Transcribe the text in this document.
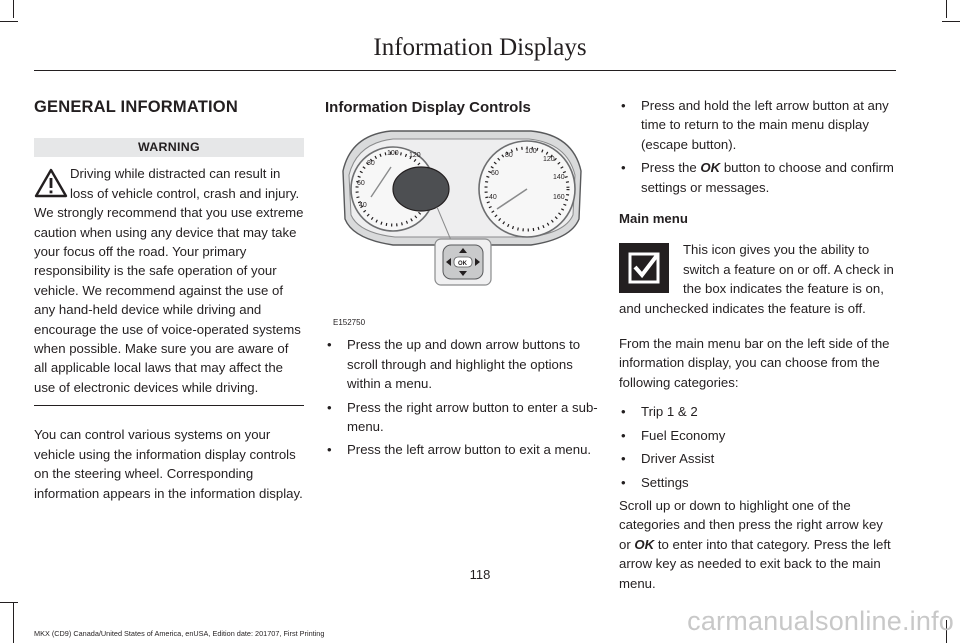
Information Displays
GENERAL INFORMATION
WARNING
Driving while distracted can result in loss of vehicle control, crash and injury. We strongly recommend that you use extreme caution when using any device that may take your focus off the road. Your primary responsibility is the safe operation of your vehicle. We recommend against the use of any hand-held device while driving and encourage the use of voice-operated systems when possible. Make sure you are aware of all applicable local laws that may affect the use of electronic devices while driving.

You can control various systems on your vehicle using the information display controls on the steering wheel. Corresponding information appears in the information display.

Information Display Controls
40
60
80
100 120
40
60
80
100
120
140
160
OK
E152750
• Press the up and down arrow buttons to scroll through and highlight the options within a menu.
• Press the right arrow button to enter a sub-menu.
• Press the left arrow button to exit a menu.
• Press and hold the left arrow button at any time to return to the main menu display (escape button).
• Press the OK button to choose and confirm settings or messages.
Main menu

This icon gives you the ability to switch a feature on or off. A check in the box indicates the feature is on, and unchecked indicates the feature is off.

From the main menu bar on the left side of the information display, you can choose from the following categories:

• Trip 1 & 2
• Fuel Economy
• Driver Assist
• Settings

Scroll up or down to highlight one of the categories and then press the right arrow key or OK to enter into that category. Press the left arrow key as needed to exit back to the main menu.

118
MKX (CD9) Canada/United States of America, enUSA, Edition date: 201707, First Printing	carmanualsonline.info
